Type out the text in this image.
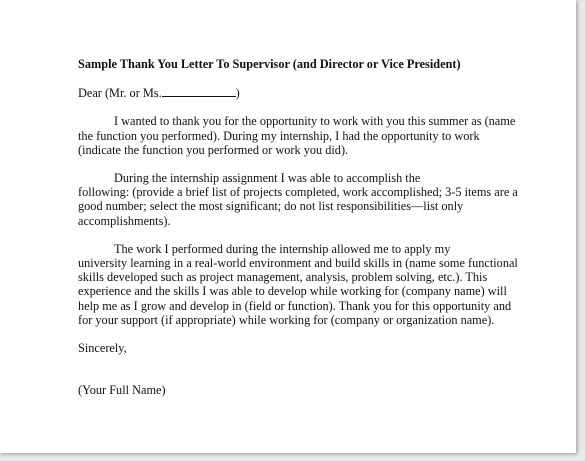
Sample Thank You Letter To Supervisor (and Director or Vice President)
Dear (Mr. or Ms.	)
I wanted to thank you for the opportunity to work with you this summer as (name
the function you performed). During my internship, I had the opportunity to work
(indicate the function you performed or work you did).
During the internship assignment I was able to accomplish the
following: (provide a brief list of projects completed, work accomplished; 3-5 items are a
good number; select the most significant; do not list responsibilities—list only
accomplishments).
The work I performed during the internship allowed me to apply my
university learning in a real-world environment and build skills in (name some functional
skills developed such as project management, analysis, problem solving, etc.). This
experience and the skills I was able to develop while working for (company name) will
help me as I grow and develop in (field or function). Thank you for this opportunity and
for your support (if appropriate) while working for (company or organization name).
Sincerely,
(Your Full Name)
